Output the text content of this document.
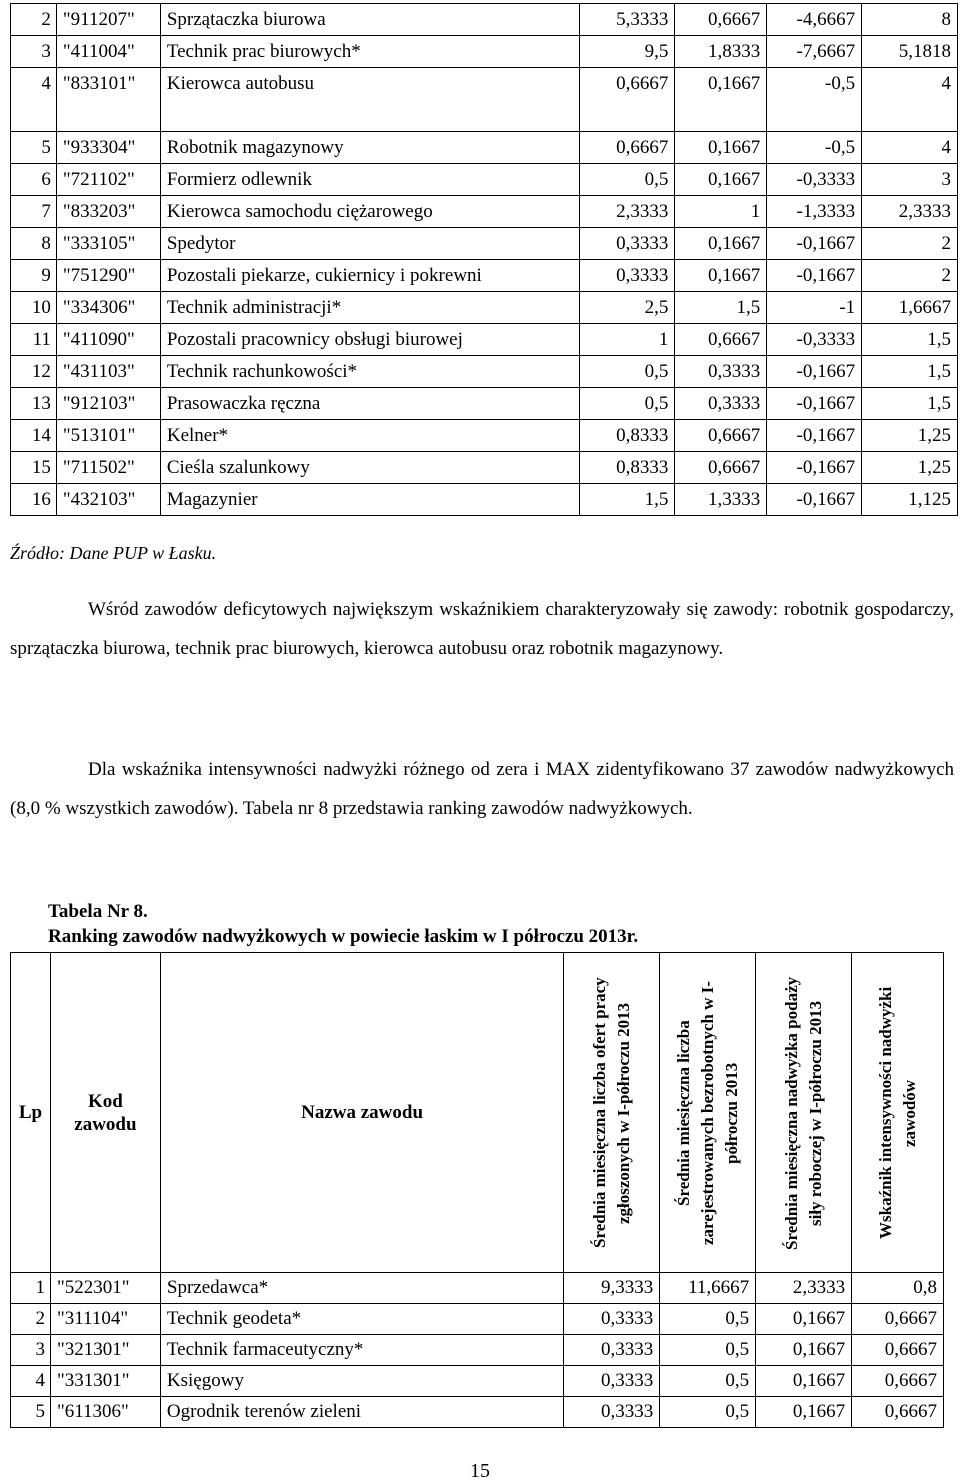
2	"911207"	Sprzątaczka biurowa	5,3333	0,6667	-4,6667	8
3	"411004"	Technik prac biurowych*	9,5	1,8333	-7,6667	5,1818
4	"833101"	Kierowca autobusu	0,6667	0,1667	-0,5	4
5	"933304"	Robotnik magazynowy	0,6667	0,1667	-0,5	4
6	"721102"	Formierz odlewnik	0,5	0,1667	-0,3333	3
7	"833203"	Kierowca samochodu ciężarowego	2,3333	1	-1,3333	2,3333
8	"333105"	Spedytor	0,3333	0,1667	-0,1667	2
9	"751290"	Pozostali piekarze, cukiernicy i pokrewni	0,3333	0,1667	-0,1667	2
10	"334306"	Technik administracji*	2,5	1,5	-1	1,6667
11	"411090"	Pozostali pracownicy obsługi biurowej	1	0,6667	-0,3333	1,5
12	"431103"	Technik rachunkowości*	0,5	0,3333	-0,1667	1,5
13	"912103"	Prasowaczka ręczna	0,5	0,3333	-0,1667	1,5
14	"513101"	Kelner*	0,8333	0,6667	-0,1667	1,25
15	"711502"	Cieśla szalunkowy	0,8333	0,6667	-0,1667	1,25
16	"432103"	Magazynier	1,5	1,3333	-0,1667	1,125
Źródło: Dane PUP w Łasku.
Wśród zawodów deficytowych największym wskaźnikiem charakteryzowały się zawody: robotnik gospodarczy, sprzątaczka biurowa, technik prac biurowych, kierowca autobusu oraz robotnik magazynowy.
Dla wskaźnika intensywności nadwyżki różnego od zera i MAX zidentyfikowano 37 zawodów nadwyżkowych (8,0 % wszystkich zawodów). Tabela nr 8 przedstawia ranking zawodów nadwyżkowych.
Tabela Nr 8.
Ranking zawodów nadwyżkowych w powiecie łaskim w I półroczu 2013r.
Lp	Kod zawodu	Nazwa zawodu	Średnia miesięczna liczba ofert pracy zgłoszonych w I-półroczu 2013	Średnia miesięczna liczba zarejestrowanych bezrobotnych w I-półroczu 2013	Średnia miesięczna nadwyżka podaży siły roboczej w I-półroczu 2013	Wskaźnik intensywności nadwyżki zawodów

1	"522301"	Sprzedawca*	9,3333	11,6667	2,3333	0,8
2	"311104"	Technik geodeta*	0,3333	0,5	0,1667	0,6667
3	"321301"	Technik farmaceutyczny*	0,3333	0,5	0,1667	0,6667
4	"331301"	Księgowy	0,3333	0,5	0,1667	0,6667
5	"611306"	Ogrodnik terenów zieleni	0,3333	0,5	0,1667	0,6667
15
